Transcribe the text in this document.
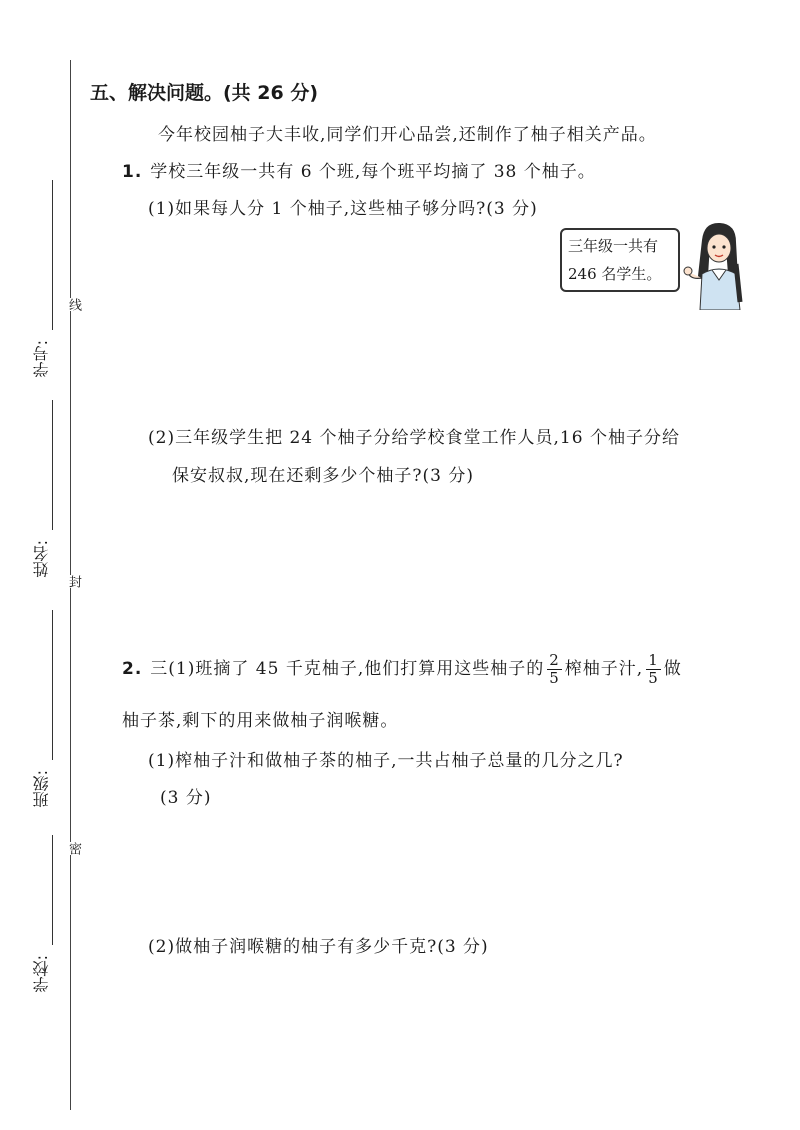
学号:
线
姓名:
封
班级:
密
学校:
五、解决问题。(共 26 分)
今年校园柚子大丰收,同学们开心品尝,还制作了柚子相关产品。
1. 学校三年级一共有 6 个班,每个班平均摘了 38 个柚子。
(1)如果每人分 1 个柚子,这些柚子够分吗?(3 分)
三年级一共有
246 名学生。
(2)三年级学生把 24 个柚子分给学校食堂工作人员,16 个柚子分给
保安叔叔,现在还剩多少个柚子?(3 分)
2. 三(1)班摘了 45 千克柚子,他们打算用这些柚子的 $\frac{2}{5}$ 榨柚子汁, $\frac{1}{5}$ 做
柚子茶,剩下的用来做柚子润喉糖。
(1)榨柚子汁和做柚子茶的柚子,一共占柚子总量的几分之几?
(3 分)
(2)做柚子润喉糖的柚子有多少千克?(3 分)
